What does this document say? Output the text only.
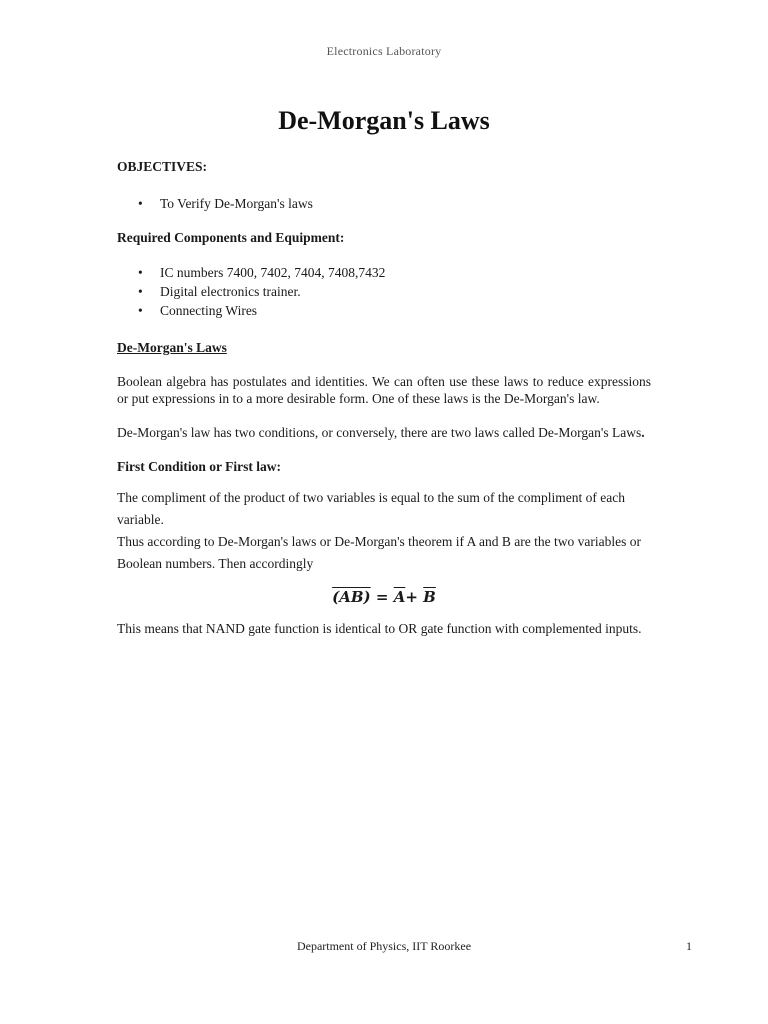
Electronics Laboratory
De-Morgan's Laws

OBJECTIVES:

• To Verify De-Morgan's laws

Required Components and Equipment:

• IC numbers 7400, 7402, 7404, 7408,7432
• Digital electronics trainer.
• Connecting Wires

De-Morgan's Laws

Boolean algebra has postulates and identities. We can often use these laws to reduce expressions or put expressions in to a more desirable form. One of these laws is the De-Morgan's law.

De-Morgan's law has two conditions, or conversely, there are two laws called De-Morgan's Laws.

First Condition or First law:

The compliment of the product of two variables is equal to the sum of the compliment of each variable.

Thus according to De-Morgan's laws or De-Morgan's theorem if A and B are the two variables or Boolean numbers. Then accordingly

$(AB) = \overline{A}+ \overline{B}$

This means that NAND gate function is identical to OR gate function with complemented inputs.

Department of Physics, IIT Roorkee	1
